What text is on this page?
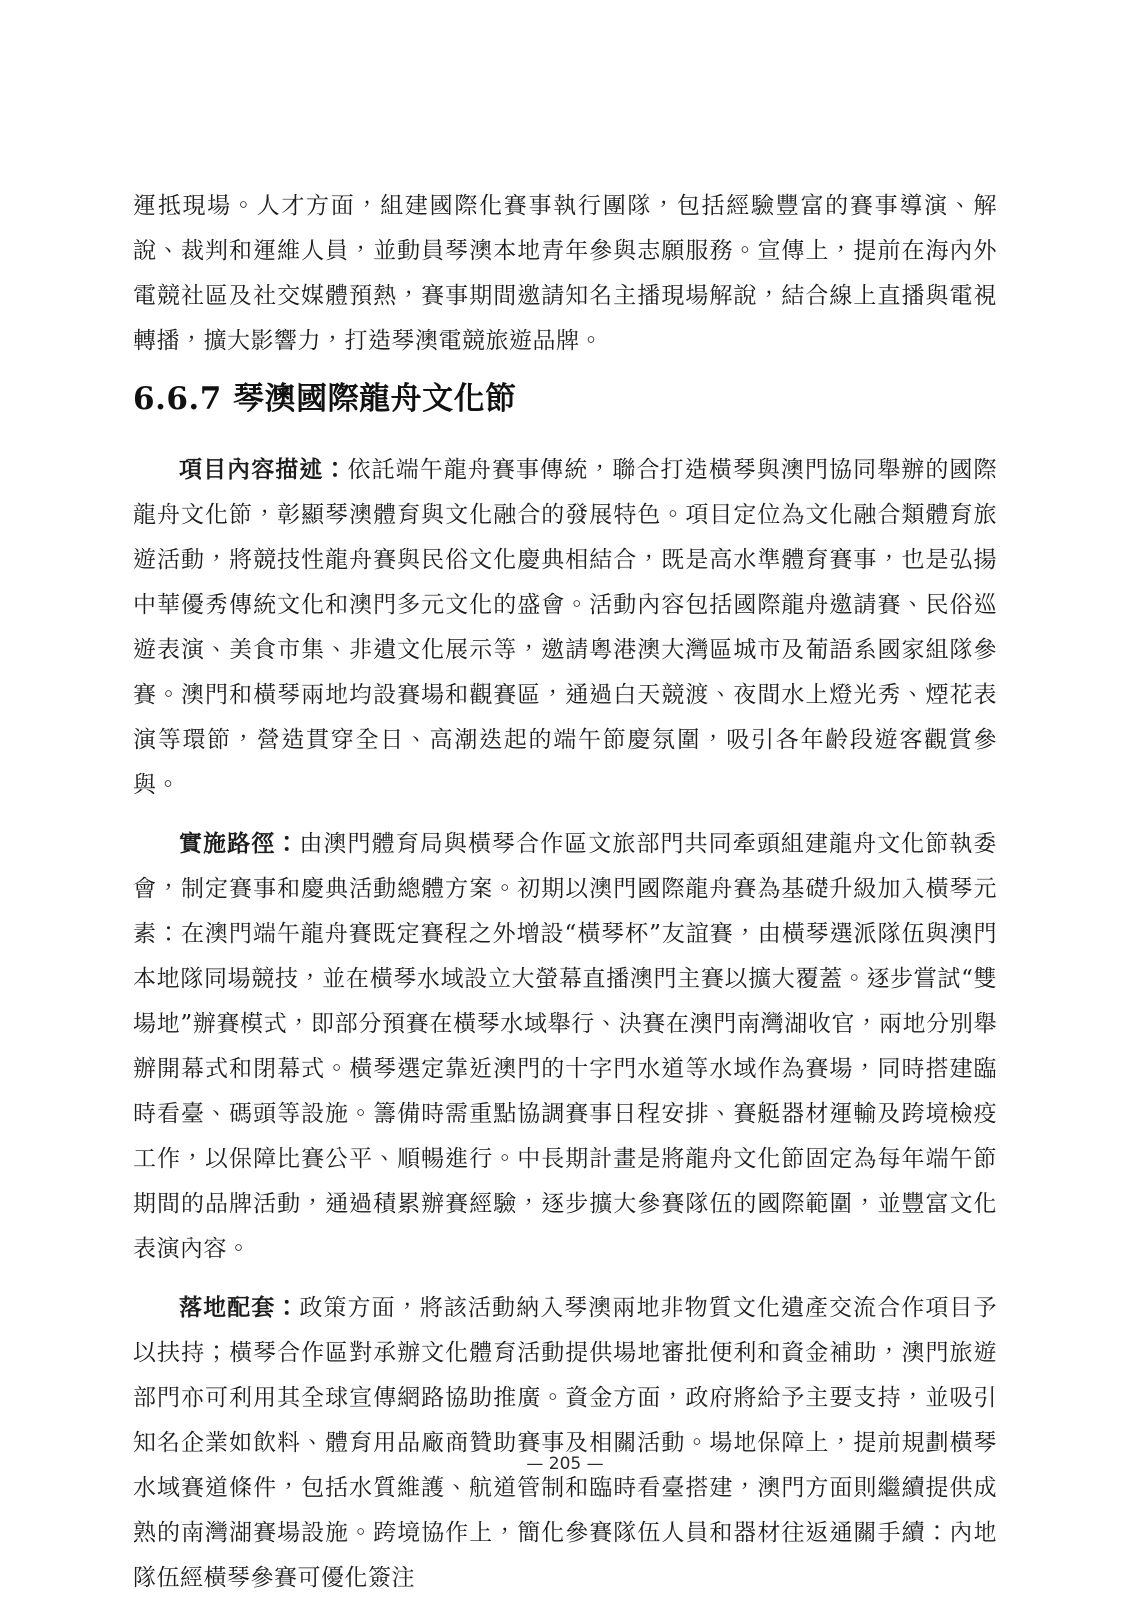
運抵現場。人才方面，組建國際化賽事執行團隊，包括經驗豐富的賽事導演、解說、裁判和運維人員，並動員琴澳本地青年參與志願服務。宣傳上，提前在海內外電競社區及社交媒體預熱，賽事期間邀請知名主播現場解說，結合線上直播與電視轉播，擴大影響力，打造琴澳電競旅遊品牌。

6.6.7 琴澳國際龍舟文化節

項目內容描述：依託端午龍舟賽事傳統，聯合打造橫琴與澳門協同舉辦的國際龍舟文化節，彰顯琴澳體育與文化融合的發展特色。項目定位為文化融合類體育旅遊活動，將競技性龍舟賽與民俗文化慶典相結合，既是高水準體育賽事，也是弘揚中華優秀傳統文化和澳門多元文化的盛會。活動內容包括國際龍舟邀請賽、民俗巡遊表演、美食市集、非遺文化展示等，邀請粵港澳大灣區城市及葡語系國家組隊參賽。澳門和橫琴兩地均設賽場和觀賽區，通過白天競渡、夜間水上燈光秀、煙花表演等環節，營造貫穿全日、高潮迭起的端午節慶氛圍，吸引各年齡段遊客觀賞參與。

實施路徑：由澳門體育局與橫琴合作區文旅部門共同牽頭組建龍舟文化節執委會，制定賽事和慶典活動總體方案。初期以澳門國際龍舟賽為基礎升級加入橫琴元素：在澳門端午龍舟賽既定賽程之外增設“橫琴杯”友誼賽，由橫琴選派隊伍與澳門本地隊同場競技，並在橫琴水域設立大螢幕直播澳門主賽以擴大覆蓋。逐步嘗試“雙場地”辦賽模式，即部分預賽在橫琴水域舉行、決賽在澳門南灣湖收官，兩地分別舉辦開幕式和閉幕式。橫琴選定靠近澳門的十字門水道等水域作為賽場，同時搭建臨時看臺、碼頭等設施。籌備時需重點協調賽事日程安排、賽艇器材運輸及跨境檢疫工作，以保障比賽公平、順暢進行。中長期計畫是將龍舟文化節固定為每年端午節期間的品牌活動，通過積累辦賽經驗，逐步擴大參賽隊伍的國際範圍，並豐富文化表演內容。

落地配套：政策方面，將該活動納入琴澳兩地非物質文化遺產交流合作項目予以扶持；橫琴合作區對承辦文化體育活動提供場地審批便利和資金補助，澳門旅遊部門亦可利用其全球宣傳網路協助推廣。資金方面，政府將給予主要支持，並吸引知名企業如飲料、體育用品廠商贊助賽事及相關活動。場地保障上，提前規劃橫琴水域賽道條件，包括水質維護、航道管制和臨時看臺搭建，澳門方面則繼續提供成熟的南灣湖賽場設施。跨境協作上，簡化參賽隊伍人員和器材往返通關手續：內地隊伍經橫琴參賽可優化簽注

— 205 —
